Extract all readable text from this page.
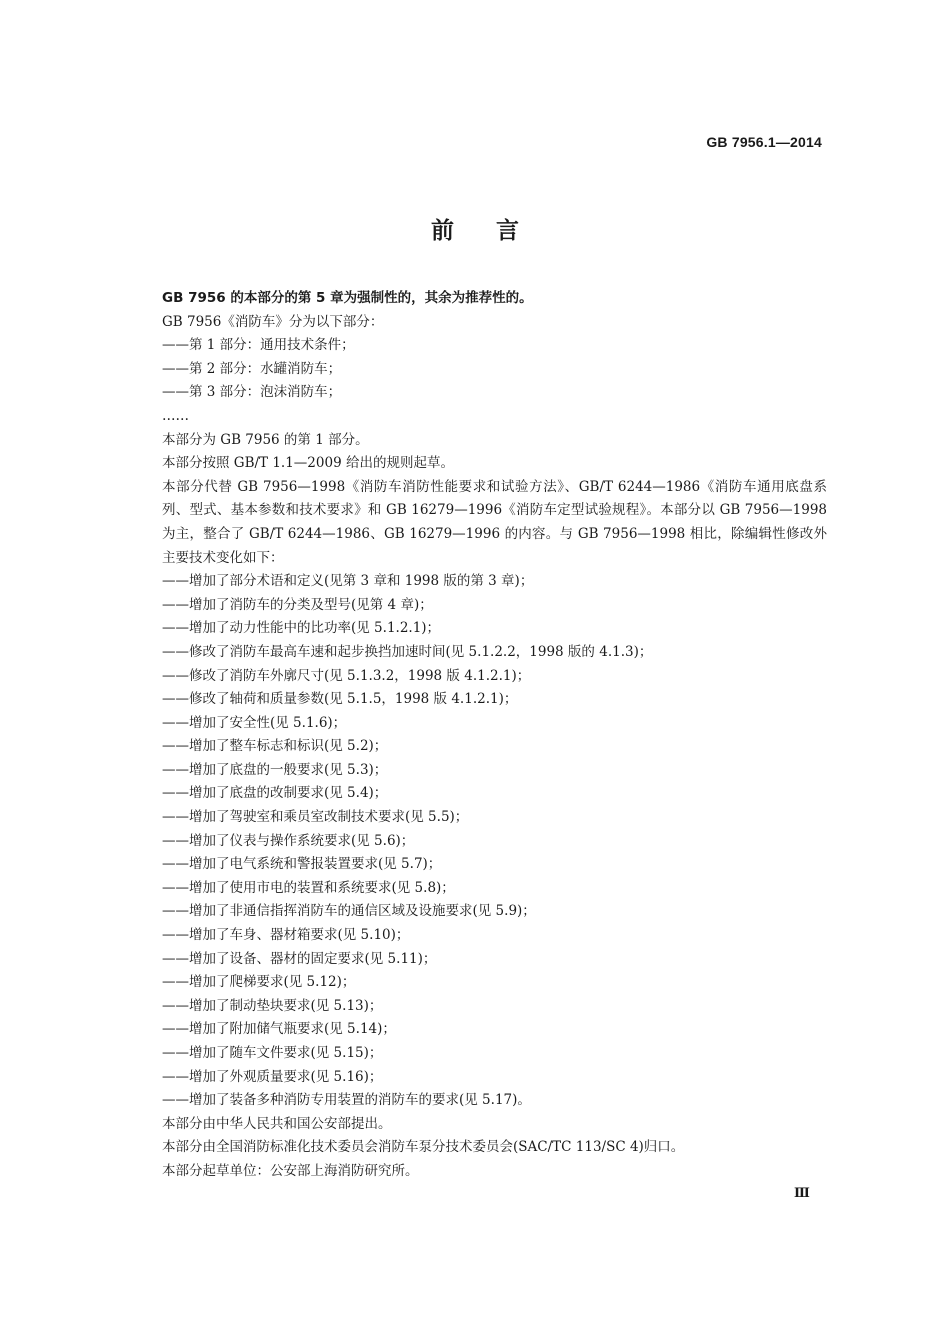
GB 7956.1—2014
前言

GB 7956 的本部分的第 5 章为强制性的，其余为推荐性的。

GB 7956《消防车》分为以下部分：

——第 1 部分：通用技术条件；

——第 2 部分：水罐消防车；

——第 3 部分：泡沫消防车；

……

本部分为 GB 7956 的第 1 部分。

本部分按照 GB/T 1.1—2009 给出的规则起草。

本部分代替 GB 7956—1998《消防车消防性能要求和试验方法》、GB/T 6244—1986《消防车通用底盘系列、型式、基本参数和技术要求》和 GB 16279—1996《消防车定型试验规程》。本部分以 GB 7956—1998 为主，整合了 GB/T 6244—1986、GB 16279—1996 的内容。与 GB 7956—1998 相比，除编辑性修改外主要技术变化如下：

——增加了部分术语和定义(见第 3 章和 1998 版的第 3 章)；

——增加了消防车的分类及型号(见第 4 章)；

——增加了动力性能中的比功率(见 5.1.2.1)；

——修改了消防车最高车速和起步换挡加速时间(见 5.1.2.2，1998 版的 4.1.3)；

——修改了消防车外廓尺寸(见 5.1.3.2，1998 版 4.1.2.1)；

——修改了轴荷和质量参数(见 5.1.5，1998 版 4.1.2.1)；

——增加了安全性(见 5.1.6)；

——增加了整车标志和标识(见 5.2)；

——增加了底盘的一般要求(见 5.3)；

——增加了底盘的改制要求(见 5.4)；

——增加了驾驶室和乘员室改制技术要求(见 5.5)；

——增加了仪表与操作系统要求(见 5.6)；

——增加了电气系统和警报装置要求(见 5.7)；

——增加了使用市电的装置和系统要求(见 5.8)；

——增加了非通信指挥消防车的通信区域及设施要求(见 5.9)；

——增加了车身、器材箱要求(见 5.10)；

——增加了设备、器材的固定要求(见 5.11)；

——增加了爬梯要求(见 5.12)；

——增加了制动垫块要求(见 5.13)；

——增加了附加储气瓶要求(见 5.14)；

——增加了随车文件要求(见 5.15)；

——增加了外观质量要求(见 5.16)；

——增加了装备多种消防专用装置的消防车的要求(见 5.17)。

本部分由中华人民共和国公安部提出。

本部分由全国消防标准化技术委员会消防车泵分技术委员会(SAC/TC 113/SC 4)归口。

本部分起草单位：公安部上海消防研究所。

Ⅲ
